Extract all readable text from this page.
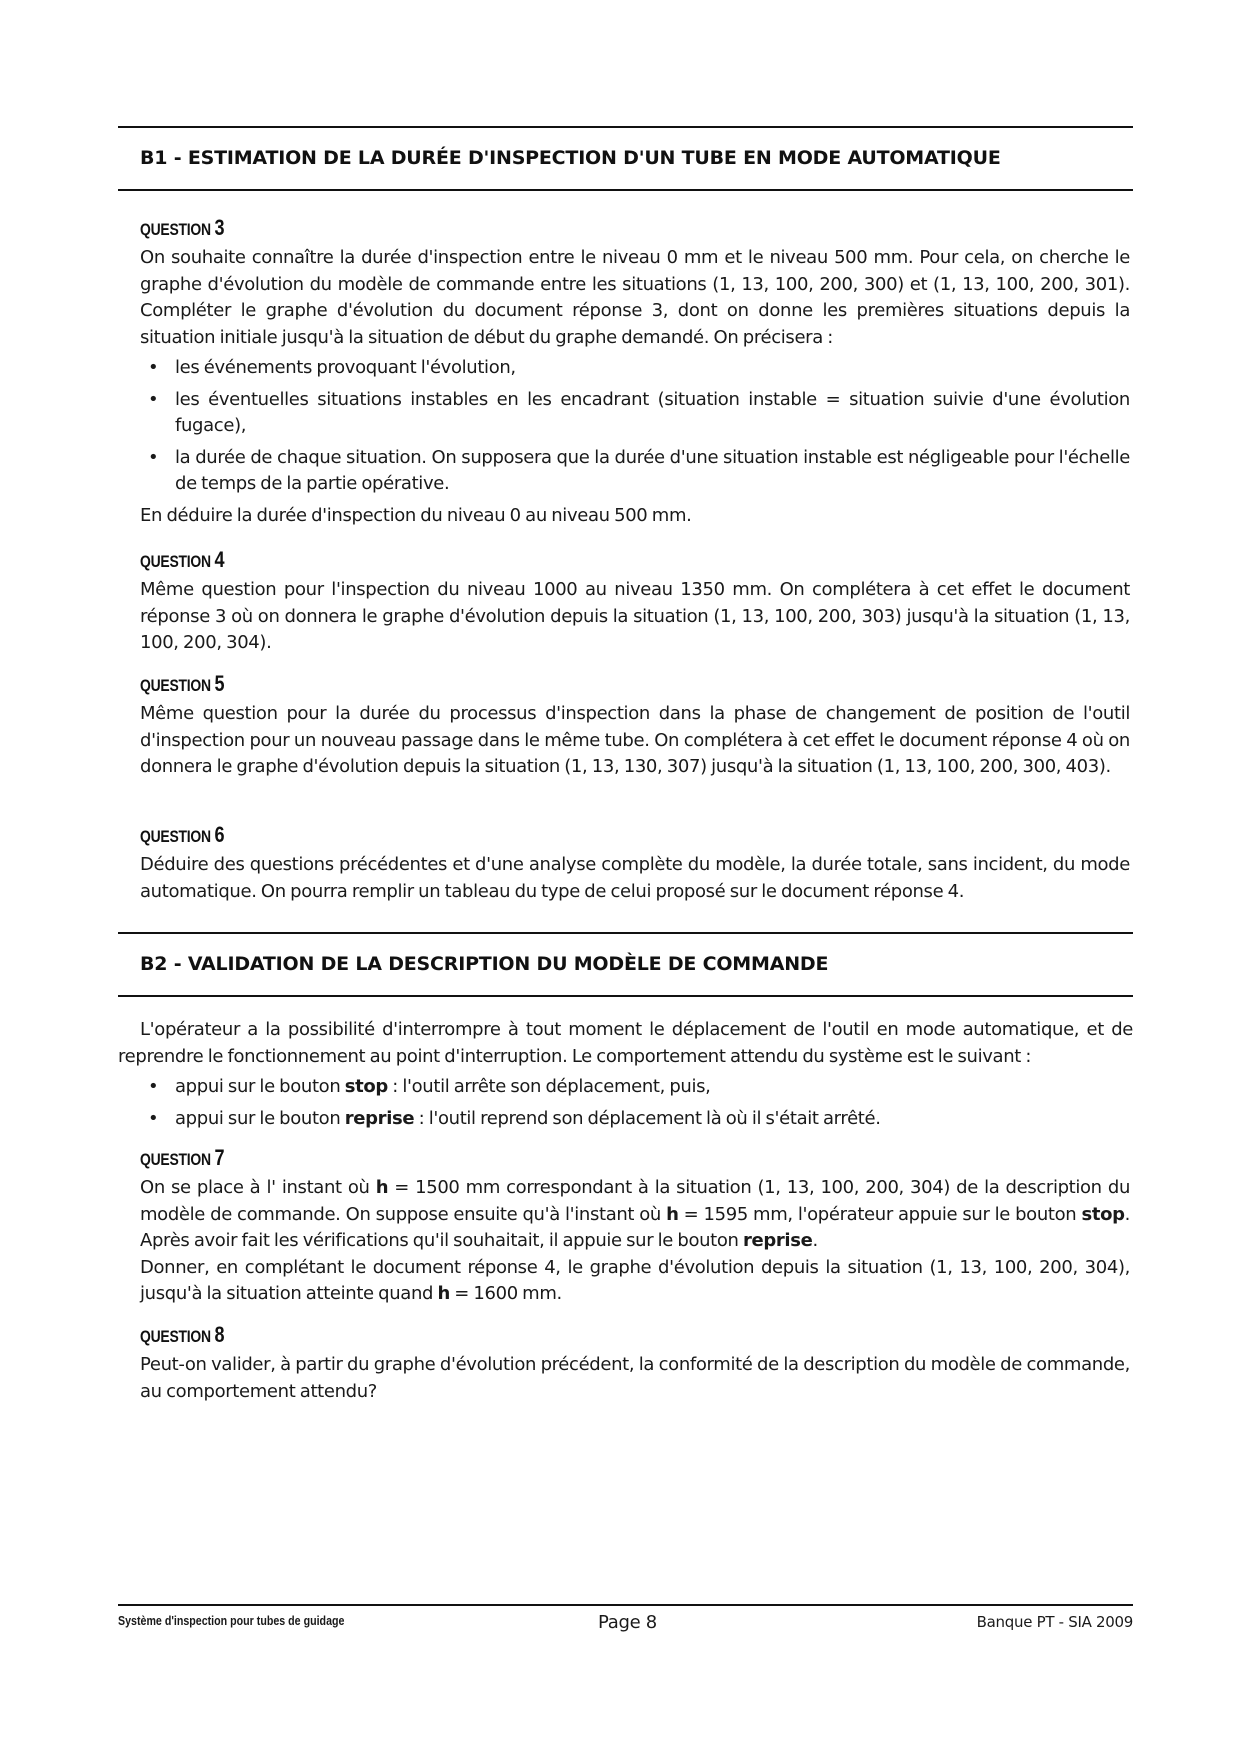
B1 - ESTIMATION DE LA DURÉE D'INSPECTION D'UN TUBE EN MODE AUTOMATIQUE
QUESTION 3

On souhaite connaître la durée d'inspection entre le niveau 0 mm et le niveau 500 mm. Pour cela, on cherche le graphe d'évolution du modèle de commande entre les situations (1, 13, 100, 200, 300) et (1, 13, 100, 200, 301). Compléter le graphe d'évolution du document réponse 3, dont on donne les premières situations depuis la situation initiale jusqu'à la situation de début du graphe demandé. On précisera :

• les événements provoquant l'évolution,
• les éventuelles situations instables en les encadrant (situation instable = situation suivie d'une évolution fugace),
• la durée de chaque situation. On supposera que la durée d'une situation instable est négligeable pour l'échelle de temps de la partie opérative.

En déduire la durée d'inspection du niveau 0 au niveau 500 mm.

QUESTION 4

Même question pour l'inspection du niveau 1000 au niveau 1350 mm. On complétera à cet effet le document réponse 3 où on donnera le graphe d'évolution depuis la situation (1, 13, 100, 200, 303) jusqu'à la situation (1, 13, 100, 200, 304).

QUESTION 5

Même question pour la durée du processus d'inspection dans la phase de changement de position de l'outil d'inspection pour un nouveau passage dans le même tube. On complétera à cet effet le document réponse 4 où on donnera le graphe d'évolution depuis la situation (1, 13, 130, 307) jusqu'à la situation (1, 13, 100, 200, 300, 403).

QUESTION 6

Déduire des questions précédentes et d'une analyse complète du modèle, la durée totale, sans incident, du mode automatique. On pourra remplir un tableau du type de celui proposé sur le document réponse 4.

B2 - VALIDATION DE LA DESCRIPTION DU MODÈLE DE COMMANDE

L'opérateur a la possibilité d'interrompre à tout moment le déplacement de l'outil en mode automatique, et de reprendre le fonctionnement au point d'interruption. Le comportement attendu du système est le suivant :

• appui sur le bouton stop : l'outil arrête son déplacement, puis,
• appui sur le bouton reprise : l'outil reprend son déplacement là où il s'était arrêté.
QUESTION 7

On se place à l' instant où h = 1500 mm correspondant à la situation (1, 13, 100, 200, 304) de la description du modèle de commande. On suppose ensuite qu'à l'instant où h = 1595 mm, l'opérateur appuie sur le bouton stop. Après avoir fait les vérifications qu'il souhaitait, il appuie sur le bouton reprise.

Donner, en complétant le document réponse 4, le graphe d'évolution depuis la situation (1, 13, 100, 200, 304), jusqu'à la situation atteinte quand h = 1600 mm.

QUESTION 8

Peut-on valider, à partir du graphe d'évolution précédent, la conformité de la description du modèle de commande, au comportement attendu?

Système d'inspection pour tubes de guidage	Page 8	Banque PT - SIA 2009
